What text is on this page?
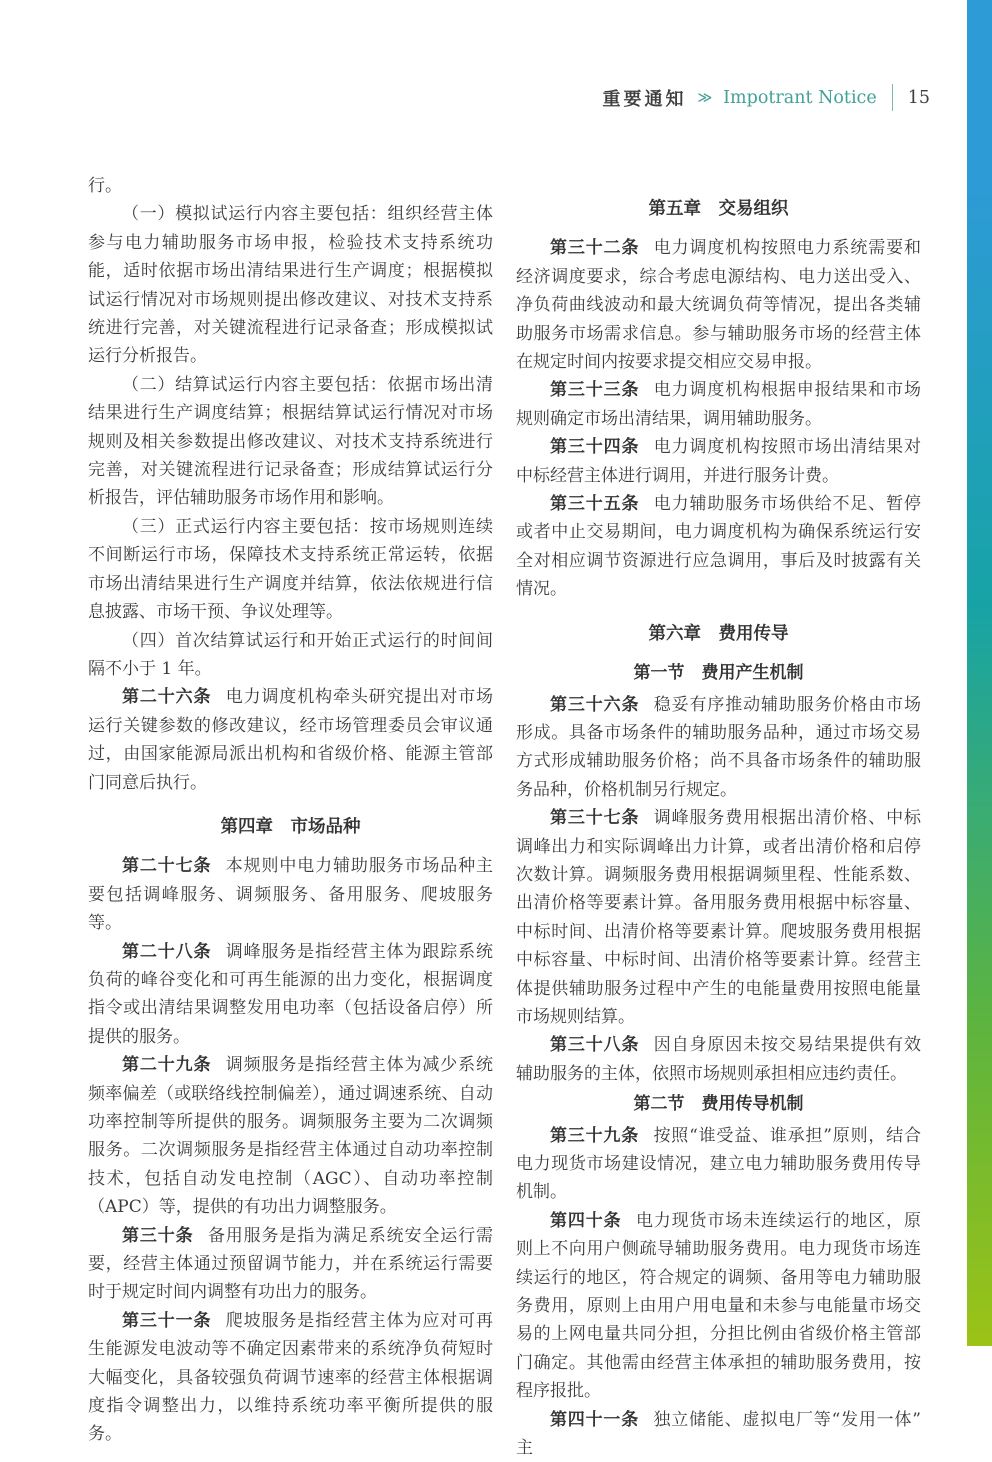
重要通知 ≫ Impotrant Notice 15

行。

（一）模拟试运行内容主要包括：组织经营主体参与电力辅助服务市场申报，检验技术支持系统功能，适时依据市场出清结果进行生产调度；根据模拟试运行情况对市场规则提出修改建议、对技术支持系统进行完善，对关键流程进行记录备查；形成模拟试运行分析报告。

（二）结算试运行内容主要包括：依据市场出清结果进行生产调度结算；根据结算试运行情况对市场规则及相关参数提出修改建议、对技术支持系统进行完善，对关键流程进行记录备查；形成结算试运行分析报告，评估辅助服务市场作用和影响。

（三）正式运行内容主要包括：按市场规则连续不间断运行市场，保障技术支持系统正常运转，依据市场出清结果进行生产调度并结算，依法依规进行信息披露、市场干预、争议处理等。

（四）首次结算试运行和开始正式运行的时间间隔不小于 1 年。

第二十六条 电力调度机构牵头研究提出对市场运行关键参数的修改建议，经市场管理委员会审议通过，由国家能源局派出机构和省级价格、能源主管部门同意后执行。

第四章　市场品种

第二十七条 本规则中电力辅助服务市场品种主要包括调峰服务、调频服务、备用服务、爬坡服务等。

第二十八条 调峰服务是指经营主体为跟踪系统负荷的峰谷变化和可再生能源的出力变化，根据调度指令或出清结果调整发用电功率（包括设备启停）所提供的服务。

第二十九条 调频服务是指经营主体为减少系统频率偏差（或联络线控制偏差），通过调速系统、自动功率控制等所提供的服务。调频服务主要为二次调频服务。二次调频服务是指经营主体通过自动功率控制技术，包括自动发电控制（AGC）、自动功率控制（APC）等，提供的有功出力调整服务。

第三十条 备用服务是指为满足系统安全运行需要，经营主体通过预留调节能力，并在系统运行需要时于规定时间内调整有功出力的服务。

第三十一条 爬坡服务是指经营主体为应对可再生能源发电波动等不确定因素带来的系统净负荷短时大幅变化，具备较强负荷调节速率的经营主体根据调度指令调整出力，以维持系统功率平衡所提供的服务。

第五章　交易组织

第三十二条 电力调度机构按照电力系统需要和经济调度要求，综合考虑电源结构、电力送出受入、净负荷曲线波动和最大统调负荷等情况，提出各类辅助服务市场需求信息。参与辅助服务市场的经营主体在规定时间内按要求提交相应交易申报。

第三十三条 电力调度机构根据申报结果和市场规则确定市场出清结果，调用辅助服务。

第三十四条 电力调度机构按照市场出清结果对中标经营主体进行调用，并进行服务计费。

第三十五条 电力辅助服务市场供给不足、暂停或者中止交易期间，电力调度机构为确保系统运行安全对相应调节资源进行应急调用，事后及时披露有关情况。

第六章　费用传导
第一节　费用产生机制

第三十六条 稳妥有序推动辅助服务价格由市场形成。具备市场条件的辅助服务品种，通过市场交易方式形成辅助服务价格；尚不具备市场条件的辅助服务品种，价格机制另行规定。

第三十七条 调峰服务费用根据出清价格、中标调峰出力和实际调峰出力计算，或者出清价格和启停次数计算。调频服务费用根据调频里程、性能系数、出清价格等要素计算。备用服务费用根据中标容量、中标时间、出清价格等要素计算。爬坡服务费用根据中标容量、中标时间、出清价格等要素计算。经营主体提供辅助服务过程中产生的电能量费用按照电能量市场规则结算。

第三十八条 因自身原因未按交易结果提供有效辅助服务的主体，依照市场规则承担相应违约责任。

第二节　费用传导机制

第三十九条 按照“谁受益、谁承担”原则，结合电力现货市场建设情况，建立电力辅助服务费用传导机制。

第四十条 电力现货市场未连续运行的地区，原则上不向用户侧疏导辅助服务费用。电力现货市场连续运行的地区，符合规定的调频、备用等电力辅助服务费用，原则上由用户用电量和未参与电能量市场交易的上网电量共同分担，分担比例由省级价格主管部门确定。其他需由经营主体承担的辅助服务费用，按程序报批。

第四十一条 独立储能、虚拟电厂等“发用一体”主
